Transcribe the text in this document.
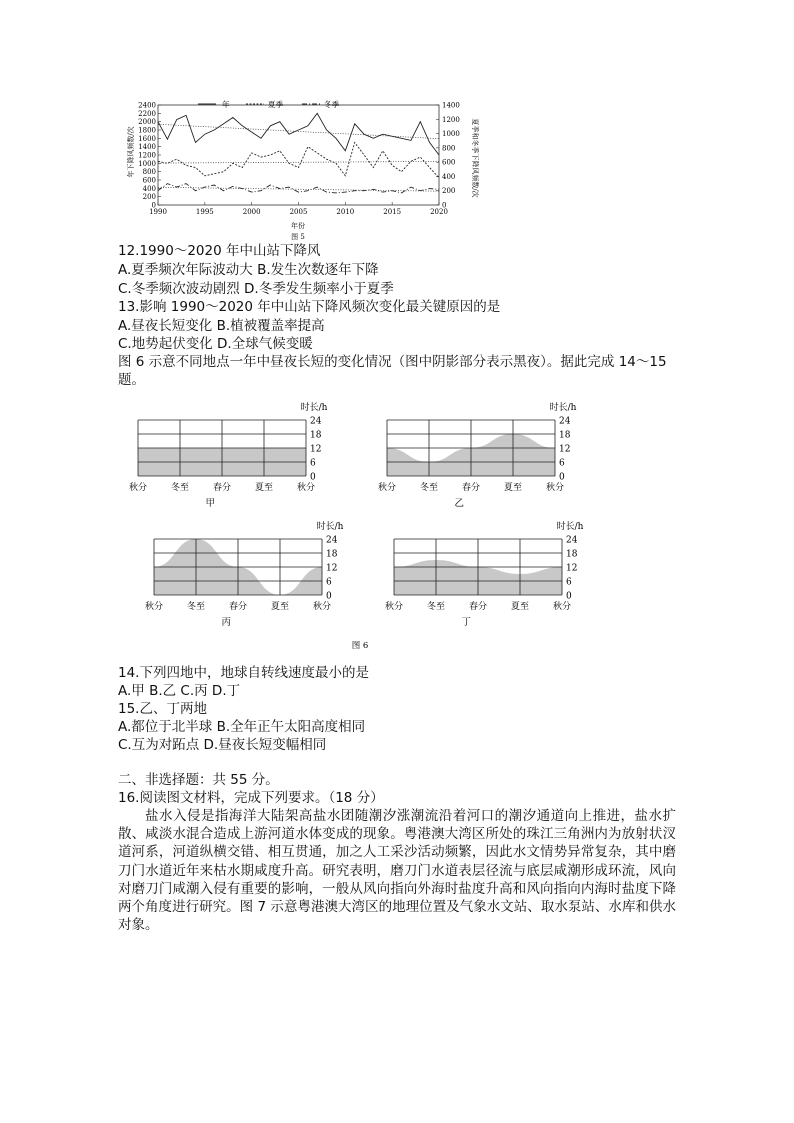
年下降风频数/次	夏季和冬季下降风频数/次
年	夏季	冬季
2400
2200
2000
1800
1600
1400
1200
1000
800
600
400
200
0
1400
1200
1000
800
600
400
200
0
1990	1995	2000	2005	2010	2015	2020
年份
图 5
12.1990～2020 年中山站下降风
A.夏季频次年际波动大 B.发生次数逐年下降
C.冬季频次波动剧烈 D.冬季发生频率小于夏季
13.影响 1990～2020 年中山站下降风频次变化最关键原因的是
A.昼夜长短变化 B.植被覆盖率提高
C.地势起伏变化 D.全球气候变暖
图 6 示意不同地点一年中昼夜长短的变化情况（图中阴影部分表示黑夜）。据此完成 14～15
题。
24
18
12
6
0
时长/h
秋分	冬至	春分	夏至	秋分
甲
24
18
12
6
0
时长/h
秋分	冬至	春分	夏至	秋分
乙
24
18
12
6
0
时长/h
秋分	冬至	春分	夏至	秋分
丙
24
18
12
6
0
时长/h
秋分	冬至	春分	夏至	秋分
丁
图 6
14.下列四地中，地球自转线速度最小的是
A.甲 B.乙 C.丙 D.丁
15.乙、丁两地
A.都位于北半球 B.全年正午太阳高度相同
C.互为对跖点 D.昼夜长短变幅相同
二、非选择题：共 55 分。
16.阅读图文材料，完成下列要求。（18 分）
盐水入侵是指海洋大陆架高盐水团随潮汐涨潮流沿着河口的潮汐通道向上推进，盐水扩散、咸淡水混合造成上游河道水体变成的现象。粤港澳大湾区所处的珠江三角洲内为放射状汊道河系，河道纵横交错、相互贯通，加之人工采沙活动频繁，因此水文情势异常复杂，其中磨刀门水道近年来枯水期咸度升高。研究表明，磨刀门水道表层径流与底层咸潮形成环流，风向对磨刀门咸潮入侵有重要的影响，一般从风向指向外海时盐度升高和风向指向内海时盐度下降两个角度进行研究。图 7 示意粤港澳大湾区的地理位置及气象水文站、取水泵站、水库和供水对象。
